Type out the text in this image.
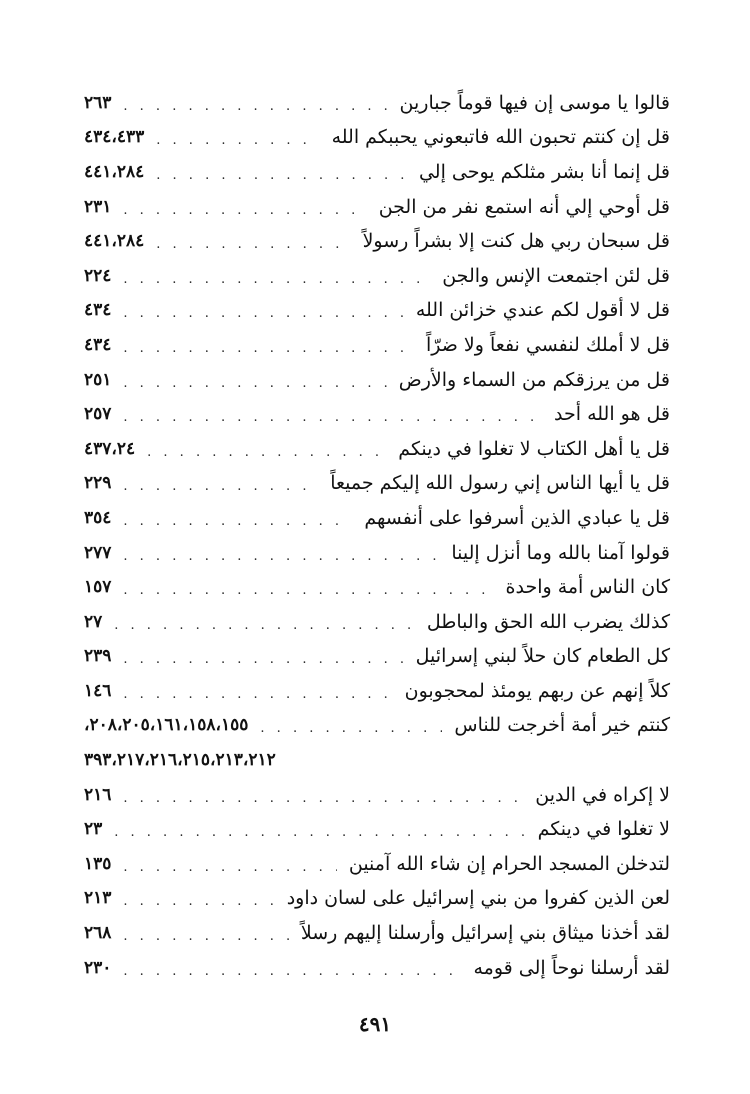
قالوا يا موسى إن فيها قوماً جبارين
. . .
٢٦٣
قل إن كنتم تحبون الله فاتبعوني يحببكم الله
. . .
٤٣٤،٤٣٣
قل إنما أنا بشر مثلكم يوحى إلي
. . .
٤٤١،٢٨٤
قل أوحي إلي أنه استمع نفر من الجن
. . .
٢٣١
قل سبحان ربي هل كنت إلا بشراً رسولاً
. . .
٤٤١،٢٨٤
قل لئن اجتمعت الإنس والجن
. . .
٢٢٤
قل لا أقول لكم عندي خزائن الله
. . .
٤٣٤
قل لا أملك لنفسي نفعاً ولا ضرّاً
. . .
٤٣٤
قل من يرزقكم من السماء والأرض
. . .
٢٥١
قل هو الله أحد
. . .
٢٥٧
قل يا أهل الكتاب لا تغلوا في دينكم
. . .
٤٣٧،٢٤
قل يا أيها الناس إني رسول الله إليكم جميعاً
. . .
٢٢٩
قل يا عبادي الذين أسرفوا على أنفسهم
. . .
٣٥٤
قولوا آمنا بالله وما أنزل إلينا
. . .
٢٧٧
كان الناس أمة واحدة
. . .
١٥٧
كذلك يضرب الله الحق والباطل
. . .
٢٧
كل الطعام كان حلاً لبني إسرائيل
. . .
٢٣٩
كلاً إنهم عن ربهم يومئذ لمحجوبون
. . .
١٤٦
كنتم خير أمة أخرجت للناس
. . .
٢٠٨،٢٠٥،١٦١،١٥٨،١٥٥،
٣٩٣،٢١٧،٢١٦،٢١٥،٢١٣،٢١٢
لا إكراه في الدين
. . .
٢١٦
لا تغلوا في دينكم
. . .
٢٣
لتدخلن المسجد الحرام إن شاء الله آمنين
. . .
١٣٥
لعن الذين كفروا من بني إسرائيل على لسان داود
. . .
٢١٣
لقد أخذنا ميثاق بني إسرائيل وأرسلنا إليهم رسلاً
. . .
٢٦٨
لقد أرسلنا نوحاً إلى قومه
. . .
٢٣٠
٤٩١
